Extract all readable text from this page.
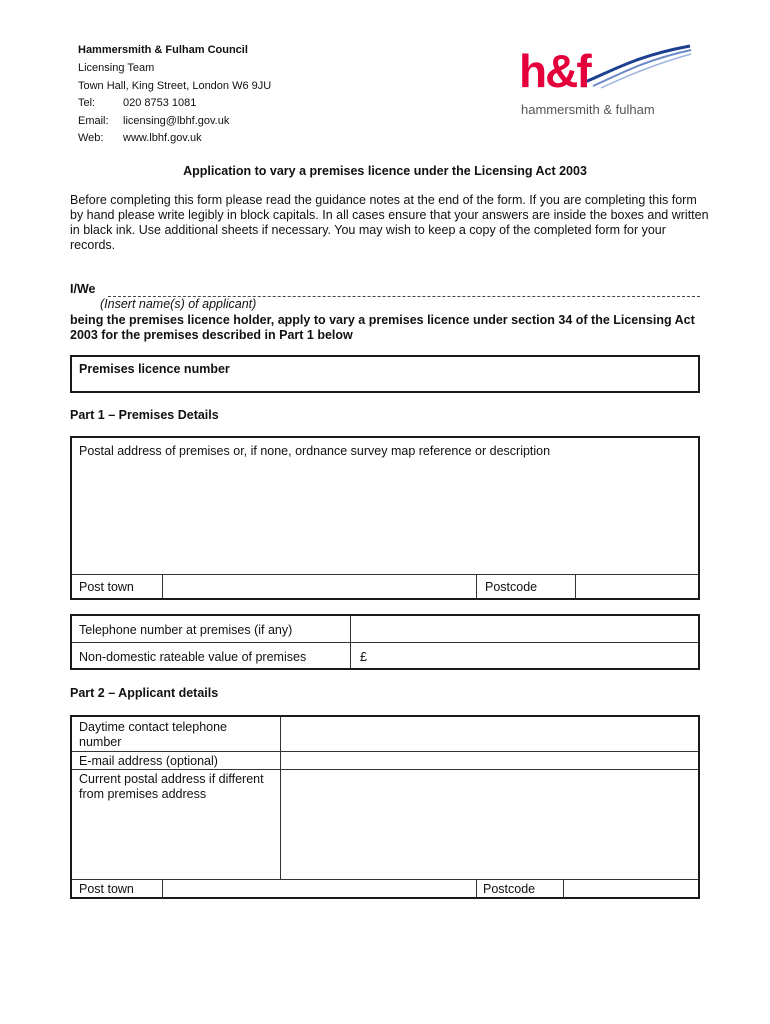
Hammersmith & Fulham Council
Licensing Team
Town Hall, King Street, London W6 9JU
Tel:	020 8753 1081
Email: licensing@lbhf.gov.uk
Web: www.lbhf.gov.uk
h&f
hammersmith & fulham
Application to vary a premises licence under the Licensing Act 2003
Before completing this form please read the guidance notes at the end of the form. If you are completing this form by hand please write legibly in block capitals. In all cases ensure that your answers are inside the boxes and written in black ink. Use additional sheets if necessary. You may wish to keep a copy of the completed form for your records.
I/We
(Insert name(s) of applicant)
being the premises licence holder, apply to vary a premises licence under section 34 of the Licensing Act 2003 for the premises described in Part 1 below
Premises licence number
Part 1 – Premises Details
Postal address of premises or, if none, ordnance survey map reference or description
Post town	Postcode
Telephone number at premises (if any)
Non-domestic rateable value of premises	£
Part 2 – Applicant details
Daytime contact telephone number
E-mail address (optional)
Current postal address if different from premises address
Post town	Postcode
